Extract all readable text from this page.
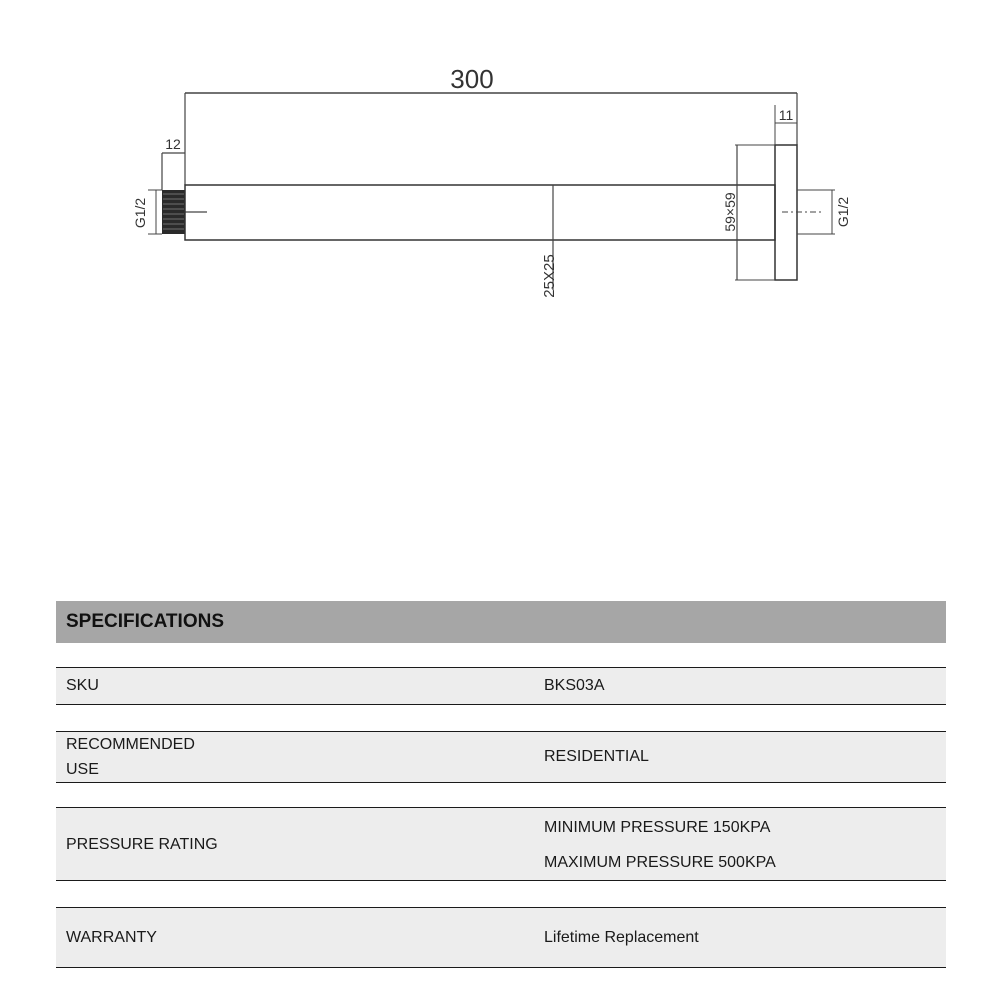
300
12
G1/2
25X25
59×59
11
G1/2
SPECIFICATIONS
SKU	BKS03A
RECOMMENDED
USE
RESIDENTIAL
PRESSURE RATING
MINIMUM PRESSURE 150KPA
MAXIMUM PRESSURE 500KPA
WARRANTY	Lifetime Replacement
